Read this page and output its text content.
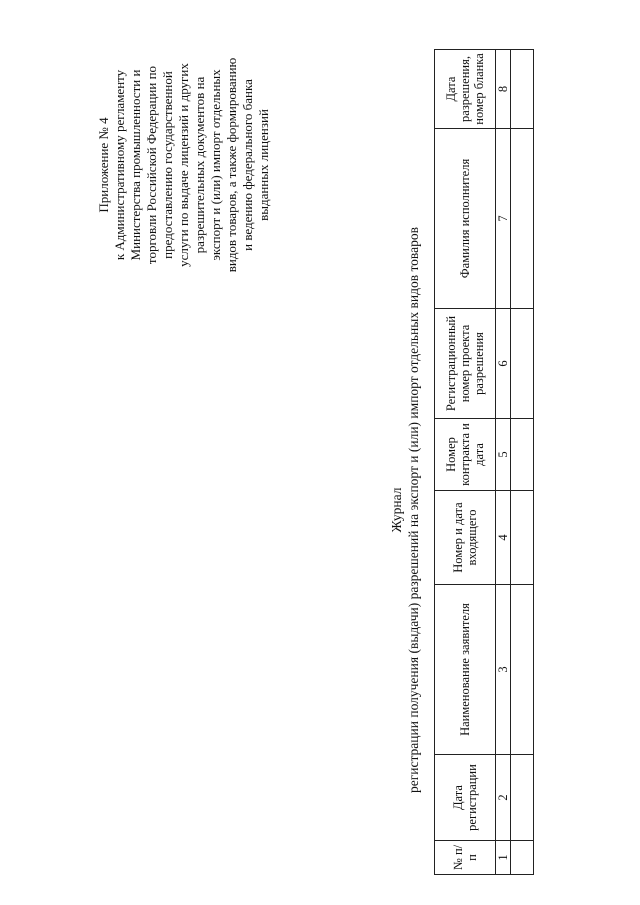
Приложение № 4 к Административному регламенту Министерства промышленности и торговли Российской Федерации по предоставлению государственной услуги по выдаче лицензий и других разрешительных документов на экспорт и (или) импорт отдельных видов товаров, а также формированию и ведению федерального банка выданных лицензий
Журнал регистрации получения (выдачи) разрешений на экспорт и (или) импорт отдельных видов товаров
№ п/п	Дата регистрации	Наименование заявителя	Номер и дата входящего	Номер контракта и дата	Регистрационный номер проекта разрешения	Фамилия исполнителя	Дата разрешения, номер бланка
1	2	3	4	5	6	7	8
